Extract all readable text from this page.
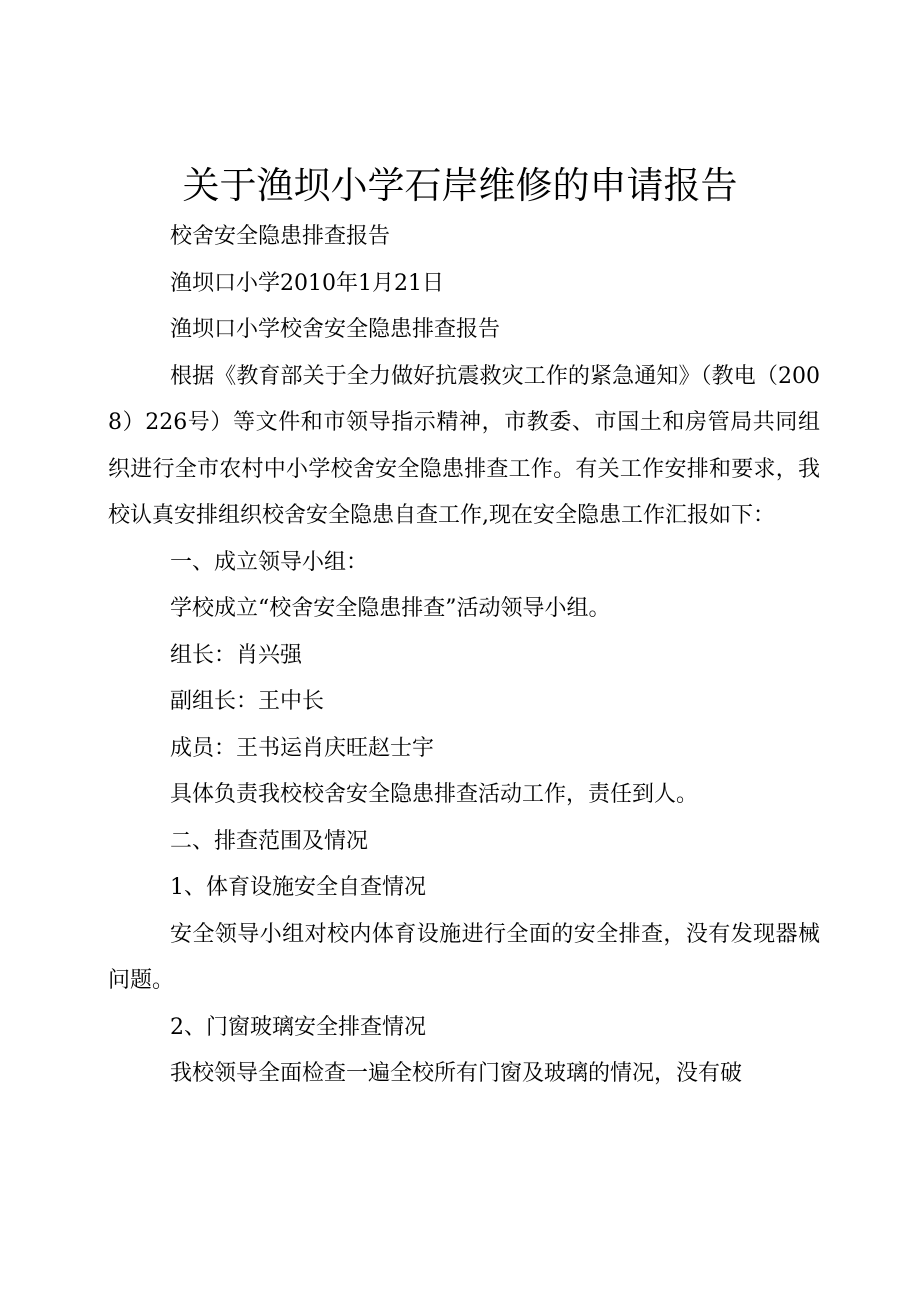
关于渔坝小学石岸维修的申请报告

校舍安全隐患排查报告

渔坝口小学2010年1月21日

渔坝口小学校舍安全隐患排查报告

根据《教育部关于全力做好抗震救灾工作的紧急通知》（教电（2008）226号）等文件和市领导指示精神，市教委、市国土和房管局共同组织进行全市农村中小学校舍安全隐患排查工作。有关工作安排和要求，我校认真安排组织校舍安全隐患自查工作,现在安全隐患工作汇报如下：

一、成立领导小组：

学校成立“校舍安全隐患排查”活动领导小组。

组长：肖兴强

副组长：王中长

成员：王书运肖庆旺赵士宇

具体负责我校校舍安全隐患排查活动工作，责任到人。

二、排查范围及情况

1、体育设施安全自查情况

安全领导小组对校内体育设施进行全面的安全排查，没有发现器械问题。

2、门窗玻璃安全排查情况

我校领导全面检查一遍全校所有门窗及玻璃的情况，没有破
